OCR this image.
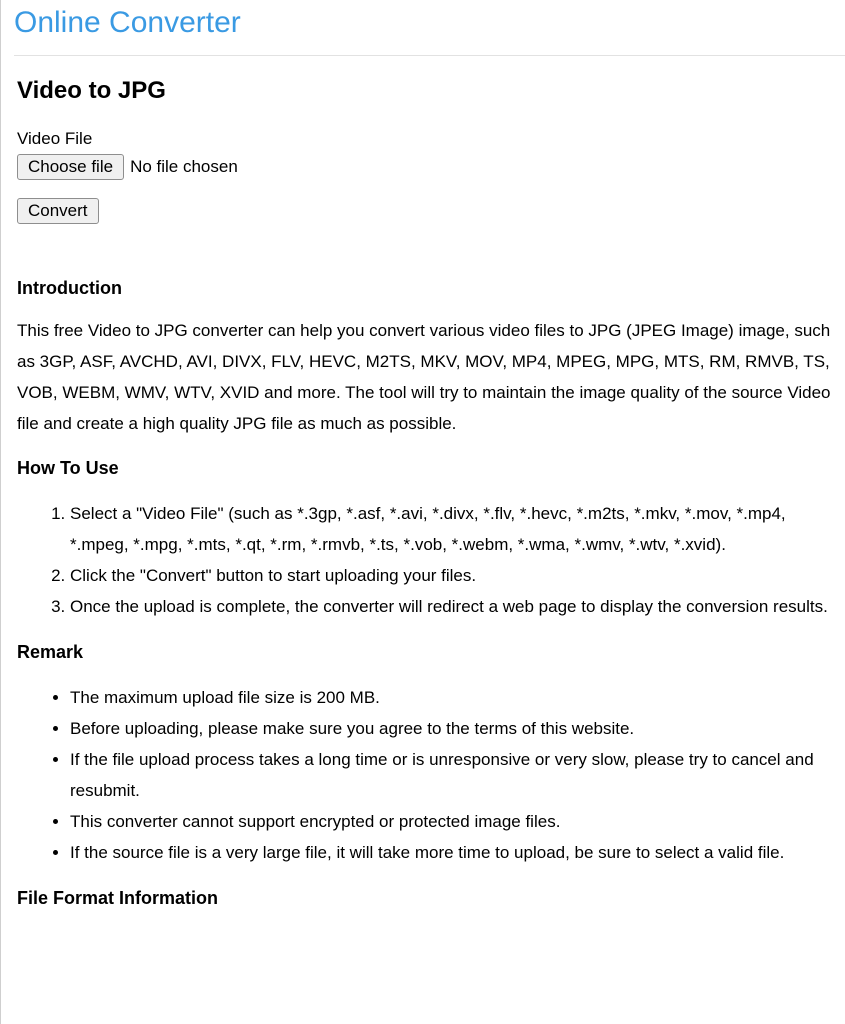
Online Converter
Video to JPG
Video File
Choose file	No file chosen
Convert
Introduction

This free Video to JPG converter can help you convert various video files to JPG (JPEG Image) image, such as 3GP, ASF, AVCHD, AVI, DIVX, FLV, HEVC, M2TS, MKV, MOV, MP4, MPEG, MPG, MTS, RM, RMVB, TS, VOB, WEBM, WMV, WTV, XVID and more. The tool will try to maintain the image quality of the source Video file and create a high quality JPG file as much as possible.

How To Use
1. Select a "Video File" (such as *.3gp, *.asf, *.avi, *.divx, *.flv, *.hevc, *.m2ts, *.mkv, *.mov, *.mp4, *.mpeg, *.mpg, *.mts, *.qt, *.rm, *.rmvb, *.ts, *.vob, *.webm, *.wma, *.wmv, *.wtv, *.xvid).
2. Click the "Convert" button to start uploading your files.
3. Once the upload is complete, the converter will redirect a web page to display the conversion results.
Remark
• The maximum upload file size is 200 MB.
• Before uploading, please make sure you agree to the terms of this website.
• If the file upload process takes a long time or is unresponsive or very slow, please try to cancel and resubmit.
• This converter cannot support encrypted or protected image files.
• If the source file is a very large file, it will take more time to upload, be sure to select a valid file.
File Format Information
